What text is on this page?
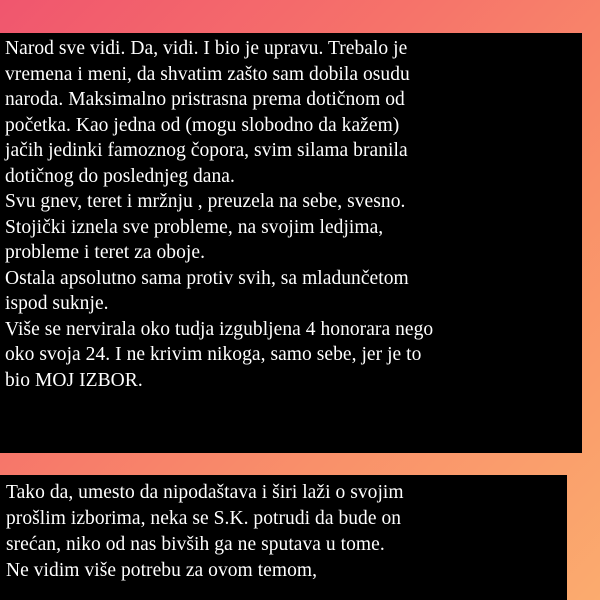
Narod sve vidi. Da, vidi. I bio je upravu. Trebalo je
vremena i meni, da shvatim zašto sam dobila osudu
naroda. Maksimalno pristrasna prema dotičnom od
početka. Kao jedna od (mogu slobodno da kažem)
jačih jedinki famoznog čopora, svim silama branila
dotičnog do poslednjeg dana.
Svu gnev, teret i mržnju , preuzela na sebe, svesno.
Stojički iznela sve probleme, na svojim ledjima,
probleme i teret za oboje.
Ostala apsolutno sama protiv svih, sa mladunčetom
ispod suknje.
Više se nervirala oko tudja izgubljena 4 honorara nego
oko svoja 24. I ne krivim nikoga, samo sebe, jer je to
bio MOJ IZBOR.
Tako da, umesto da nipodaštava i širi laži o svojim
prošlim izborima, neka se S.K. potrudi da bude on
srećan, niko od nas bivših ga ne sputava u tome.
Ne vidim više potrebu za ovom temom,
